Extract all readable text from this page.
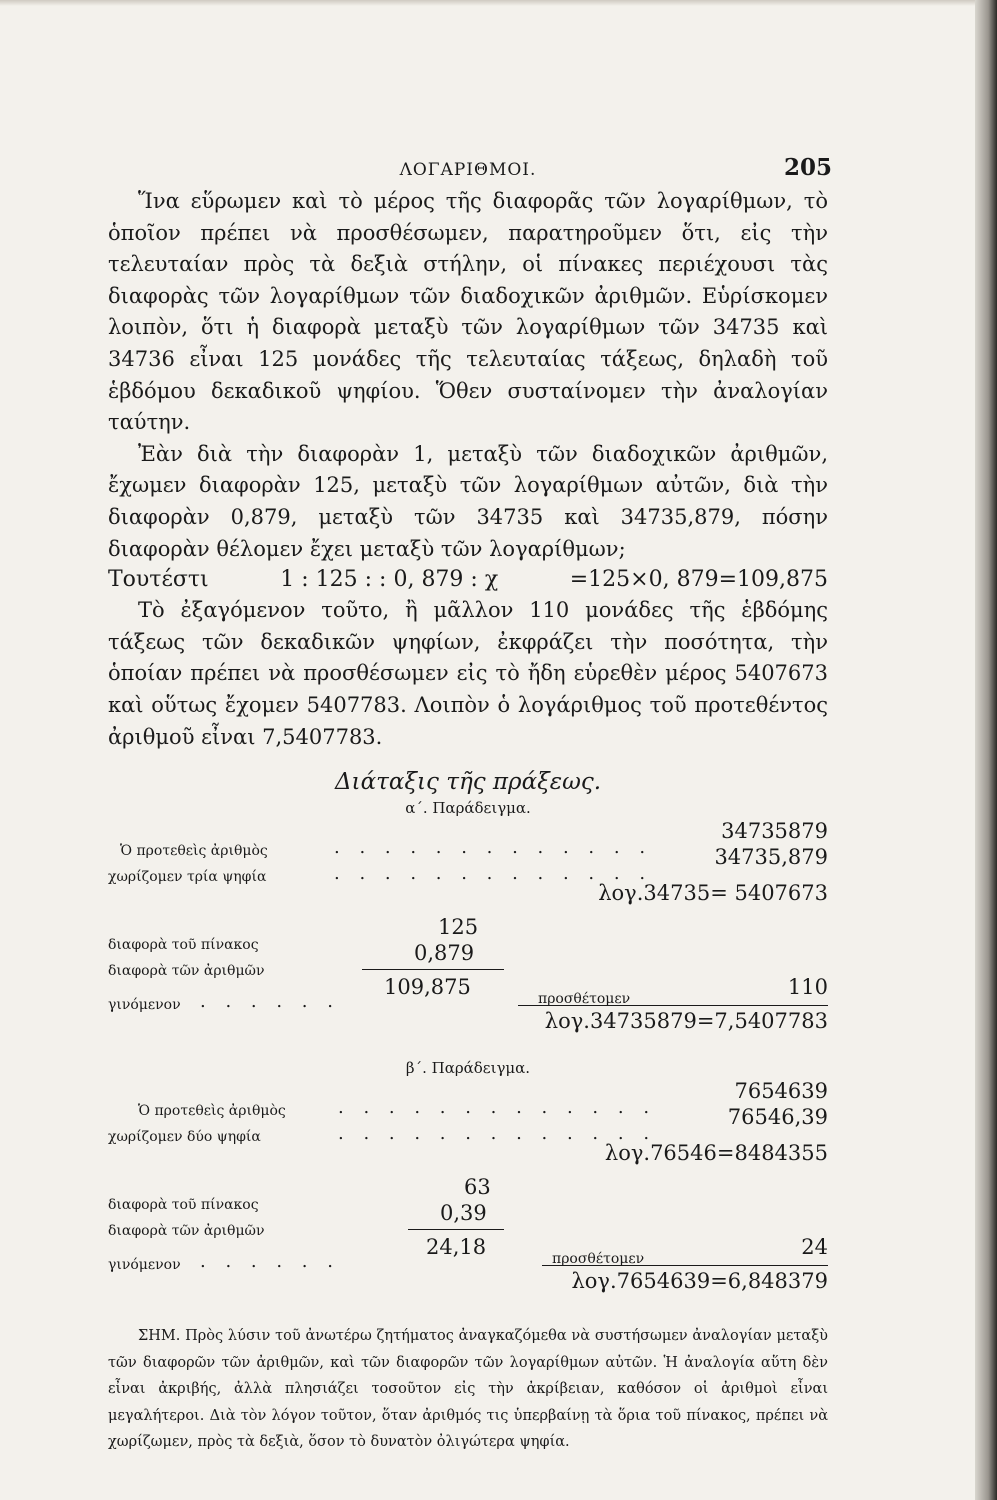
ΛΟΓΑΡΙΘΜΟΙ.	205

Ἵνα εὕρωμεν καὶ τὸ μέρος τῆς διαφορᾶς τῶν λογαρίθμων, τὸ ὁποῖον πρέπει νὰ προσθέσωμεν, παρατηροῦμεν ὅτι, εἰς τὴν τελευταίαν πρὸς τὰ δεξιὰ στήλην, οἱ πίνακες περιέχουσι τὰς διαφορὰς τῶν λογαρίθμων τῶν διαδοχικῶν ἀριθμῶν. Εὑρίσκομεν λοιπὸν, ὅτι ἡ διαφορὰ μεταξὺ τῶν λογαρίθμων τῶν 34735 καὶ 34736 εἶναι 125 μονάδες τῆς τελευταίας τάξεως, δηλαδὴ τοῦ ἑβδόμου δεκαδικοῦ ψηφίου. Ὅθεν συσταίνομεν τὴν ἀναλογίαν ταύτην.

Ἐὰν διὰ τὴν διαφορὰν 1, μεταξὺ τῶν διαδοχικῶν ἀριθμῶν, ἔχωμεν διαφορὰν 125, μεταξὺ τῶν λογαρίθμων αὐτῶν, διὰ τὴν διαφορὰν 0,879, μεταξὺ τῶν 34735 καὶ 34735,879, πόσην διαφορὰν θέλομεν ἔχει μεταξὺ τῶν λογαρίθμων;

Τουτέστι	1 : 125 : : 0, 879 : χ	=125×0, 879=109,875

Τὸ ἐξαγόμενον τοῦτο, ἢ μᾶλλον 110 μονάδες τῆς ἑβδόμης τάξεως τῶν δεκαδικῶν ψηφίων, ἐκφράζει τὴν ποσότητα, τὴν ὁποίαν πρέπει νὰ προσθέσωμεν εἰς τὸ ἤδη εὑρεθὲν μέρος 5407673 καὶ οὕτως ἔχομεν 5407783. Λοιπὸν ὁ λογάριθμος τοῦ προτεθέντος ἀριθμοῦ εἶναι 7,5407783.

Διάταξις τῆς πράξεως.
α΄. Παράδειγμα.
Ὁ προτεθεὶς ἀριθμὸς	. . . . . . . . . . . . .
34735879
χωρίζομεν τρία ψηφία	. . . . . . . . . . . . .
34735,879
λογ.34735= 5407673
διαφορὰ τοῦ πίνακος
125
διαφορὰ τῶν ἀριθμῶν
0,879
γινόμενον . . . . . .
109,875	προσθέτομεν	110
λογ.34735879=7,5407783
β΄. Παράδειγμα.
Ὁ προτεθεὶς ἀριθμὸς	. . . . . . . . . . . . .
7654639
χωρίζομεν δύο ψηφία	. . . . . . . . . . . . .
76546,39
λογ.76546=8484355
διαφορὰ τοῦ πίνακος
63
διαφορὰ τῶν ἀριθμῶν
0,39
γινόμενον . . . . . .
24,18	προσθέτομεν	24
λογ.7654639=6,848379

ΣΗΜ. Πρὸς λύσιν τοῦ ἀνωτέρω ζητήματος ἀναγκαζόμεθα νὰ συστήσωμεν ἀναλογίαν μεταξὺ τῶν διαφορῶν τῶν ἀριθμῶν, καὶ τῶν διαφορῶν τῶν λογαρίθμων αὐτῶν. Ἡ ἀναλογία αὕτη δὲν εἶναι ἀκριβής, ἀλλὰ πλησιάζει τοσοῦτον εἰς τὴν ἀκρίβειαν, καθόσον οἱ ἀριθμοὶ εἶναι μεγαλήτεροι. Διὰ τὸν λόγον τοῦτον, ὅταν ἀριθμός τις ὑπερβαίνῃ τὰ ὅρια τοῦ πίνακος, πρέπει νὰ χωρίζωμεν, πρὸς τὰ δεξιὰ, ὅσον τὸ δυνατὸν ὀλιγώτερα ψηφία.
